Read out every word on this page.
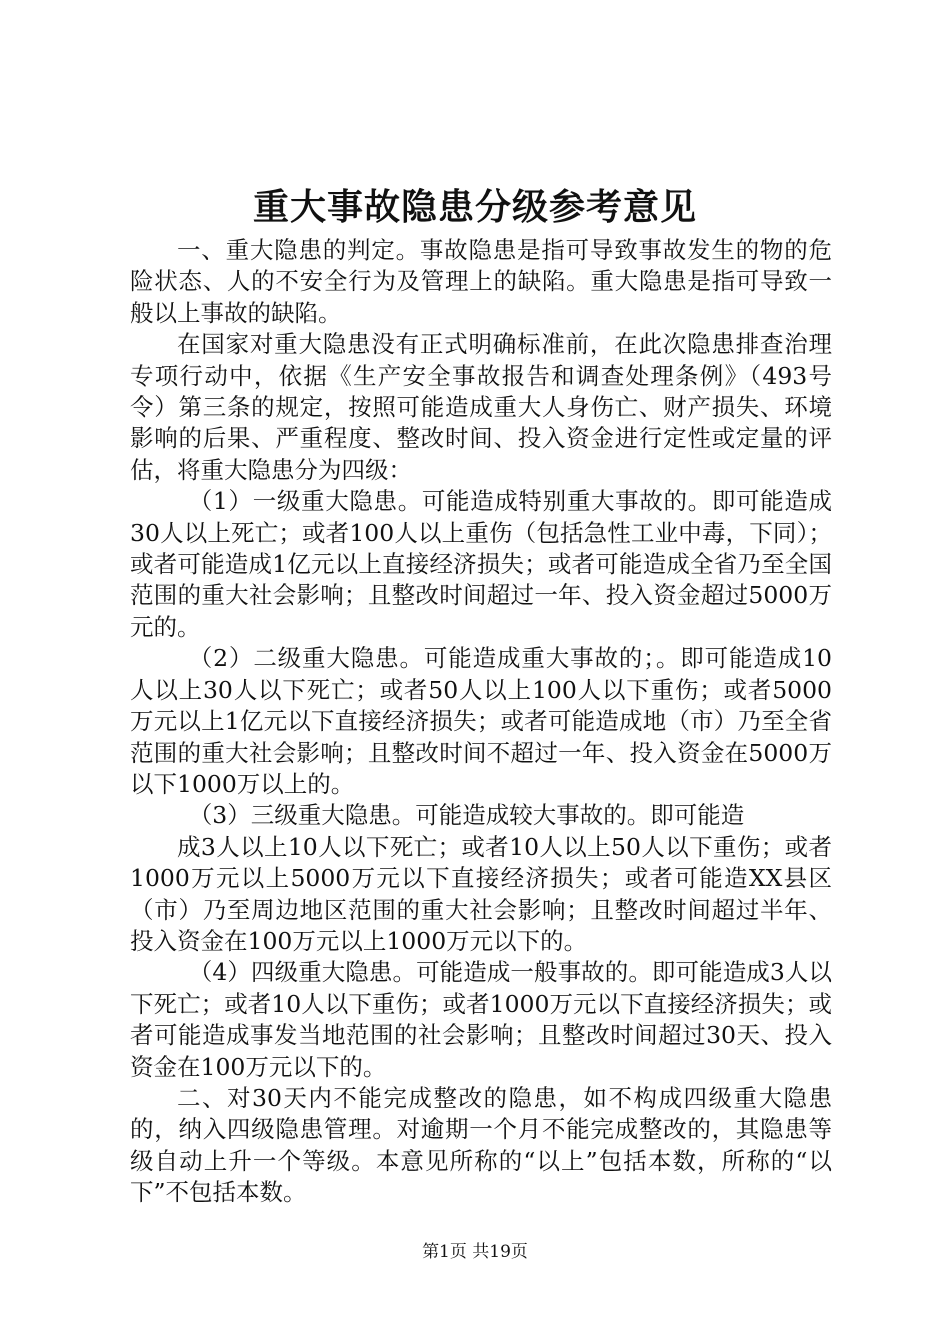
重大事故隐患分级参考意见

一、重大隐患的判定。事故隐患是指可导致事故发生的物的危险状态、人的不安全行为及管理上的缺陷。重大隐患是指可导致一般以上事故的缺陷。

在国家对重大隐患没有正式明确标准前，在此次隐患排查治理专项行动中，依据《生产安全事故报告和调查处理条例》（493号令）第三条的规定，按照可能造成重大人身伤亡、财产损失、环境影响的后果、严重程度、整改时间、投入资金进行定性或定量的评估，将重大隐患分为四级：

（1）一级重大隐患。可能造成特别重大事故的。即可能造成30人以上死亡；或者100人以上重伤（包括急性工业中毒，下同）；或者可能造成1亿元以上直接经济损失；或者可能造成全省乃至全国范围的重大社会影响；且整改时间超过一年、投入资金超过5000万元的。

（2）二级重大隐患。可能造成重大事故的；。即可能造成10人以上30人以下死亡；或者50人以上100人以下重伤；或者5000万元以上1亿元以下直接经济损失；或者可能造成地（市）乃至全省范围的重大社会影响；且整改时间不超过一年、投入资金在5000万以下1000万以上的。

（3）三级重大隐患。可能造成较大事故的。即可能造

成3人以上10人以下死亡；或者10人以上50人以下重伤；或者1000万元以上5000万元以下直接经济损失；或者可能造XX县区（市）乃至周边地区范围的重大社会影响；且整改时间超过半年、投入资金在100万元以上1000万元以下的。

（4）四级重大隐患。可能造成一般事故的。即可能造成3人以下死亡；或者10人以下重伤；或者1000万元以下直接经济损失；或者可能造成事发当地范围的社会影响；且整改时间超过30天、投入资金在100万元以下的。

二、对30天内不能完成整改的隐患，如不构成四级重大隐患的，纳入四级隐患管理。对逾期一个月不能完成整改的，其隐患等级自动上升一个等级。本意见所称的“以上”包括本数，所称的“以下”不包括本数。

第1页 共19页
